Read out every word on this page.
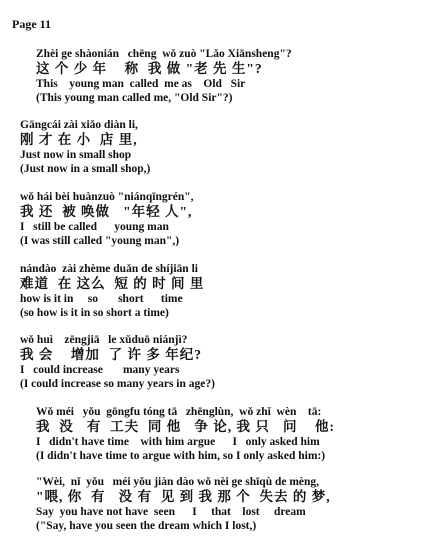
Page 11
Zhèi ge shàonián   chēng  wǒ zuò "Lǎo Xiānsheng"?
这 个 少 年    称  我 做 "老 先 生"?
This    young man  called  me as    Old   Sir
(This young man called me, "Old Sir"?)
Gāngcái zài xiǎo diàn li,
刚 才 在 小  店 里,
Just now in small shop
(Just now in a small shop,)
wǒ hái bèi huànzuò "niánqīngrén",
我 还  被 唤做   "年轻 人",
I   still be called      young man
(I was still called "young man",)
nándào  zài zhème duǎn de shíjiān li
难道  在 这么  短 的 时 间 里
how is it in     so       short      time
(so how is it in so short a time)
wǒ huì    zēngjiā   le xǔduō niánjì?
我 会    增加  了 许 多 年纪?
I   could increase       many years
(I could increase so many years in age?)
Wǒ méi   yǒu  gōngfu tóng tā   zhēnglùn,  wǒ zhǐ  wèn    tā:
我  没   有  工夫  同 他   争 论, 我 只   问    他:
I   didn't have time    with him argue      I   only asked him
(I didn't have time to argue with him, so I only asked him:)
"Wèi,  nǐ  yǒu   méi yǒu jiàn dào wǒ nèi ge shīqù de mèng,
"喂, 你  有   没 有  见 到 我 那 个  失去 的 梦,
Say  you have not have  seen      I     that    lost     dream
("Say, have you seen the dream which I lost,)
